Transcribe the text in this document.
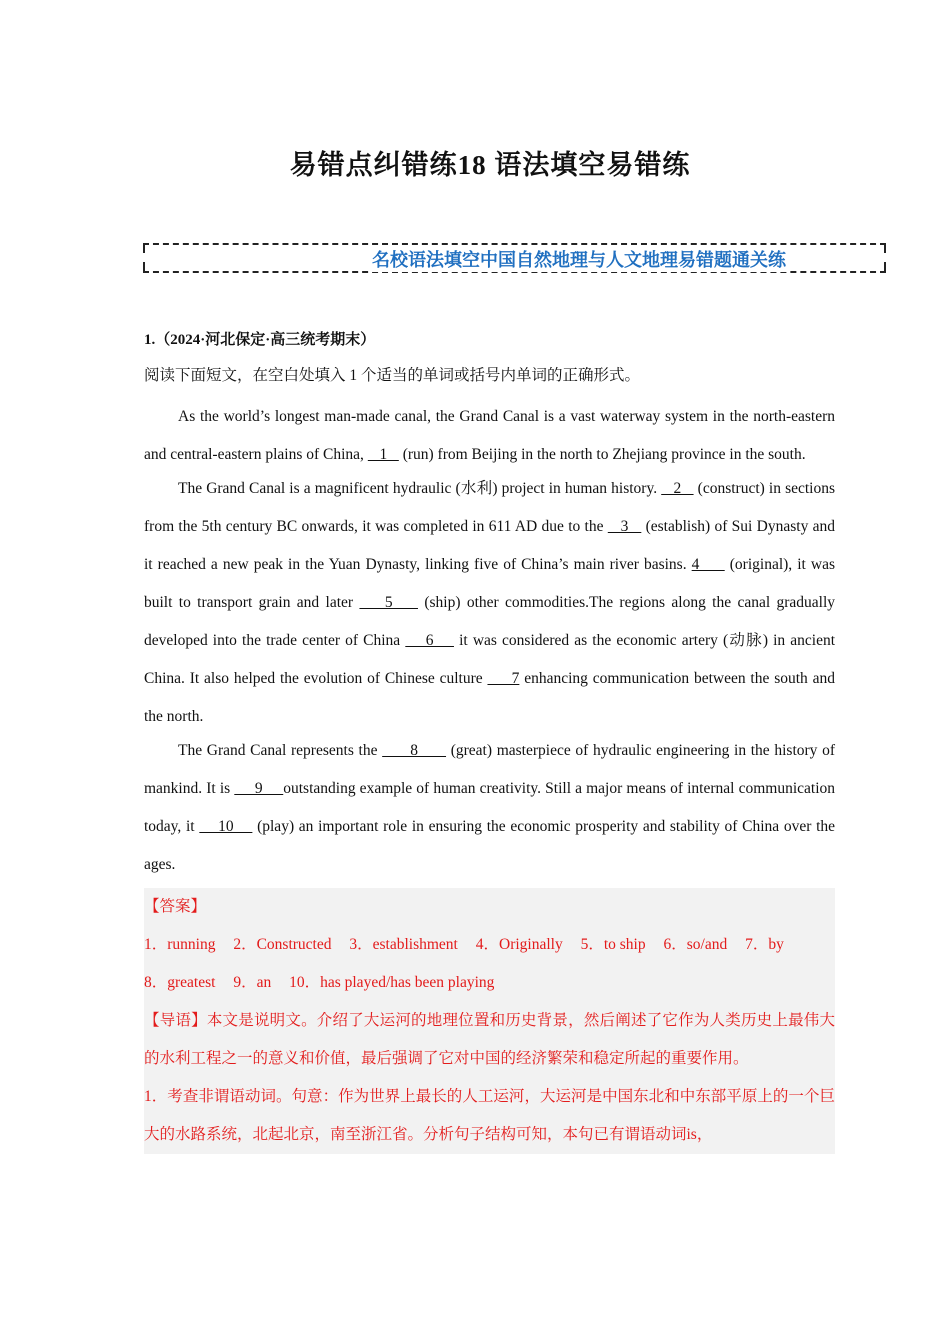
易错点纠错练18 语法填空易错练
名校语法填空中国自然地理与人文地理易错题通关练
1.（2024·河北保定·高三统考期末）
阅读下面短文，在空白处填入 1 个适当的单词或括号内单词的正确形式。

As the world’s longest man-made canal, the Grand Canal is a vast waterway system in the north-eastern and central-eastern plains of China,    1    (run) from Beijing in the north to Zhejiang province in the south.

The Grand Canal is a magnificent hydraulic (水利) project in human history.    2    (construct) in sections from the 5th century BC onwards, it was completed in 611 AD due to the    3    (establish) of Sui Dynasty and it reached a new peak in the Yuan Dynasty, linking five of China’s main river basins. 4      (original), it was built to transport grain and later     5     (ship) other commodities.The regions along the canal gradually developed into the trade center of China     6     it was considered as the economic artery (动脉) in ancient China. It also helped the evolution of Chinese culture      7 enhancing communication between the south and the north.

The Grand Canal represents the       8       (great) masterpiece of hydraulic engineering in the history of mankind. It is      9     outstanding example of human creativity. Still a major means of internal communication today, it     10     (play) an important role in ensuring the economic prosperity and stability of China over the ages.

【答案】
1．running 2．Constructed 3．establishment 4．Originally 5．to ship 6．so/and 7．by
8．greatest 9．an 10．has played/has been playing
【导语】本文是说明文。介绍了大运河的地理位置和历史背景，然后阐述了它作为人类历史上最伟大的水利工程之一的意义和价值，最后强调了它对中国的经济繁荣和稳定所起的重要作用。
1．考查非谓语动词。句意：作为世界上最长的人工运河，大运河是中国东北和中东部平原上的一个巨大的水路系统，北起北京，南至浙江省。分析句子结构可知，本句已有谓语动词is，
